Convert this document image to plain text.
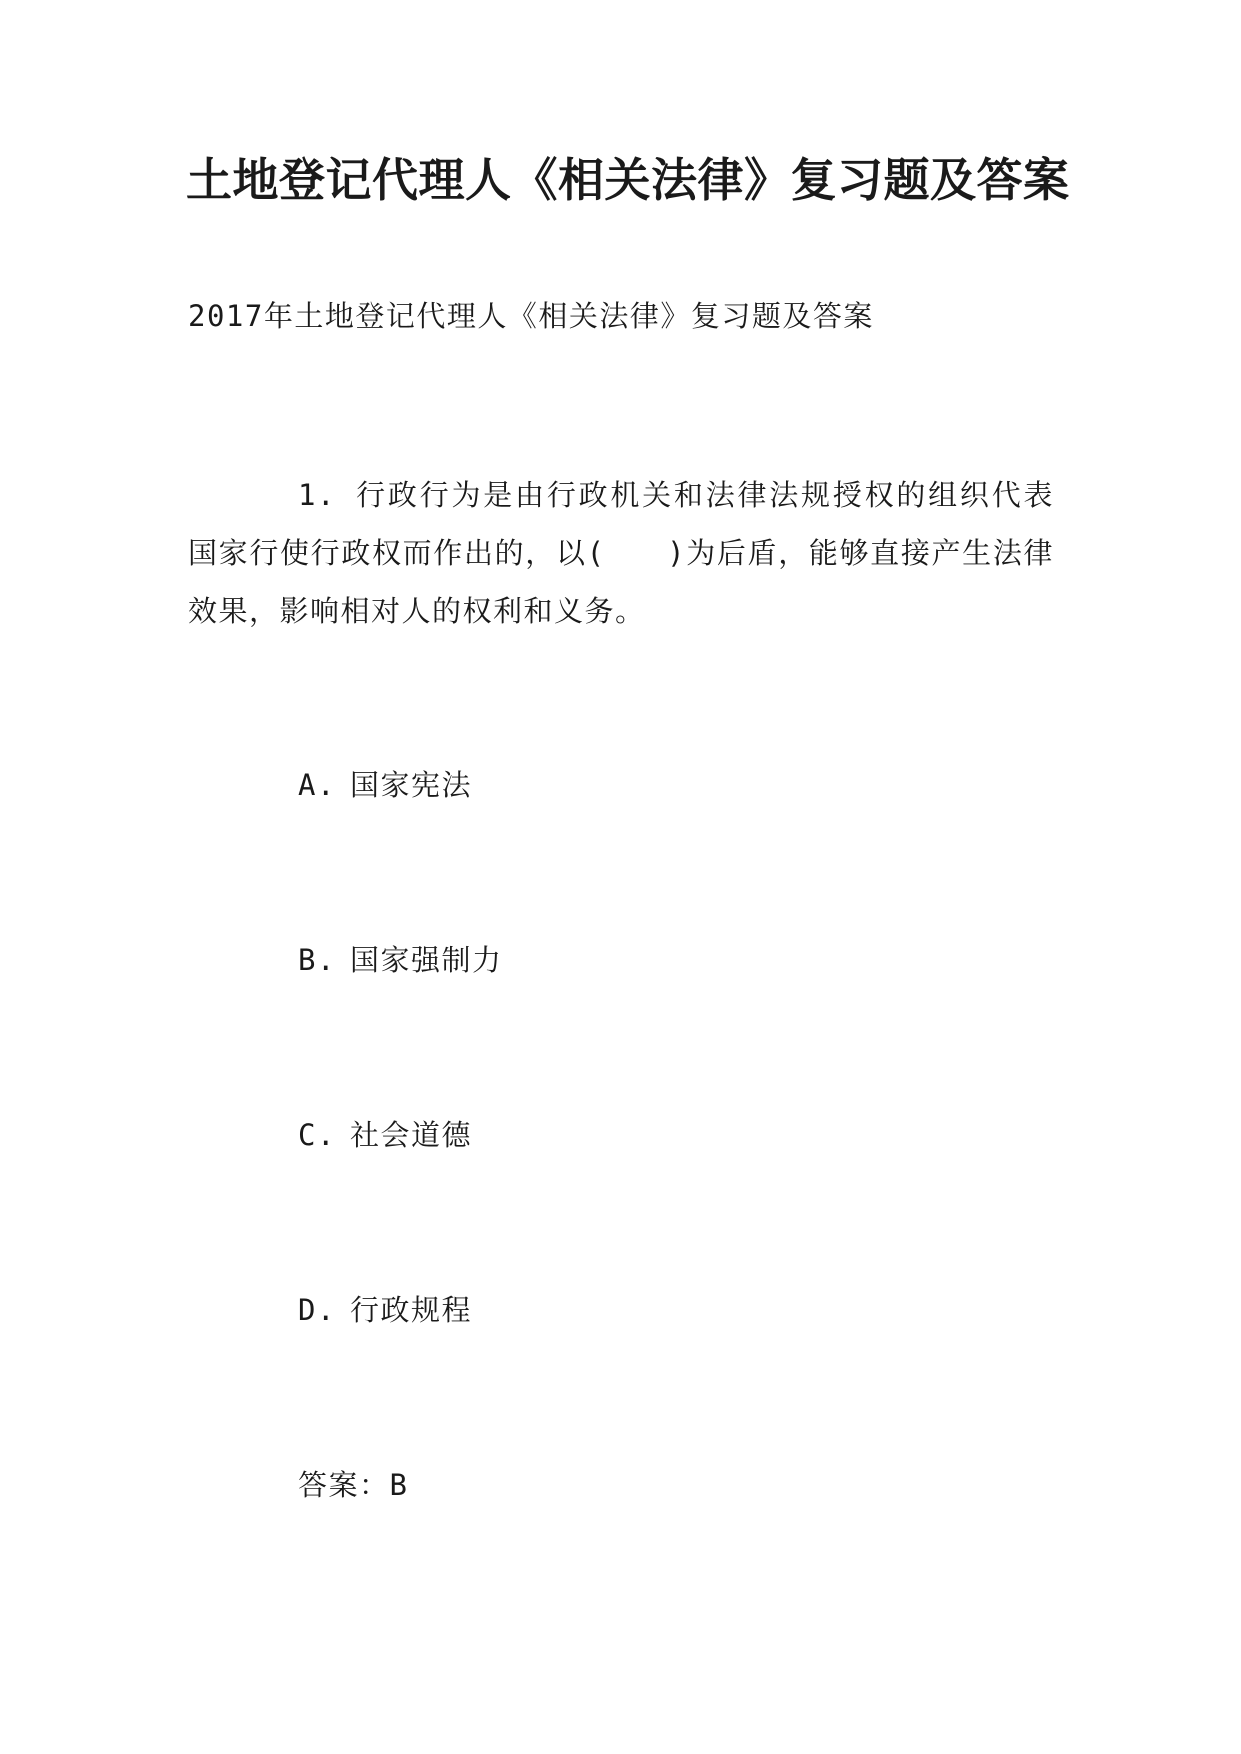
土地登记代理人《相关法律》复习题及答案
2017年土地登记代理人《相关法律》复习题及答案
1. 行政行为是由行政机关和法律法规授权的组织代表国家行使行政权而作出的，以(　　)为后盾，能够直接产生法律效果，影响相对人的权利和义务。
A. 国家宪法
B. 国家强制力
C. 社会道德
D. 行政规程
答案：B
